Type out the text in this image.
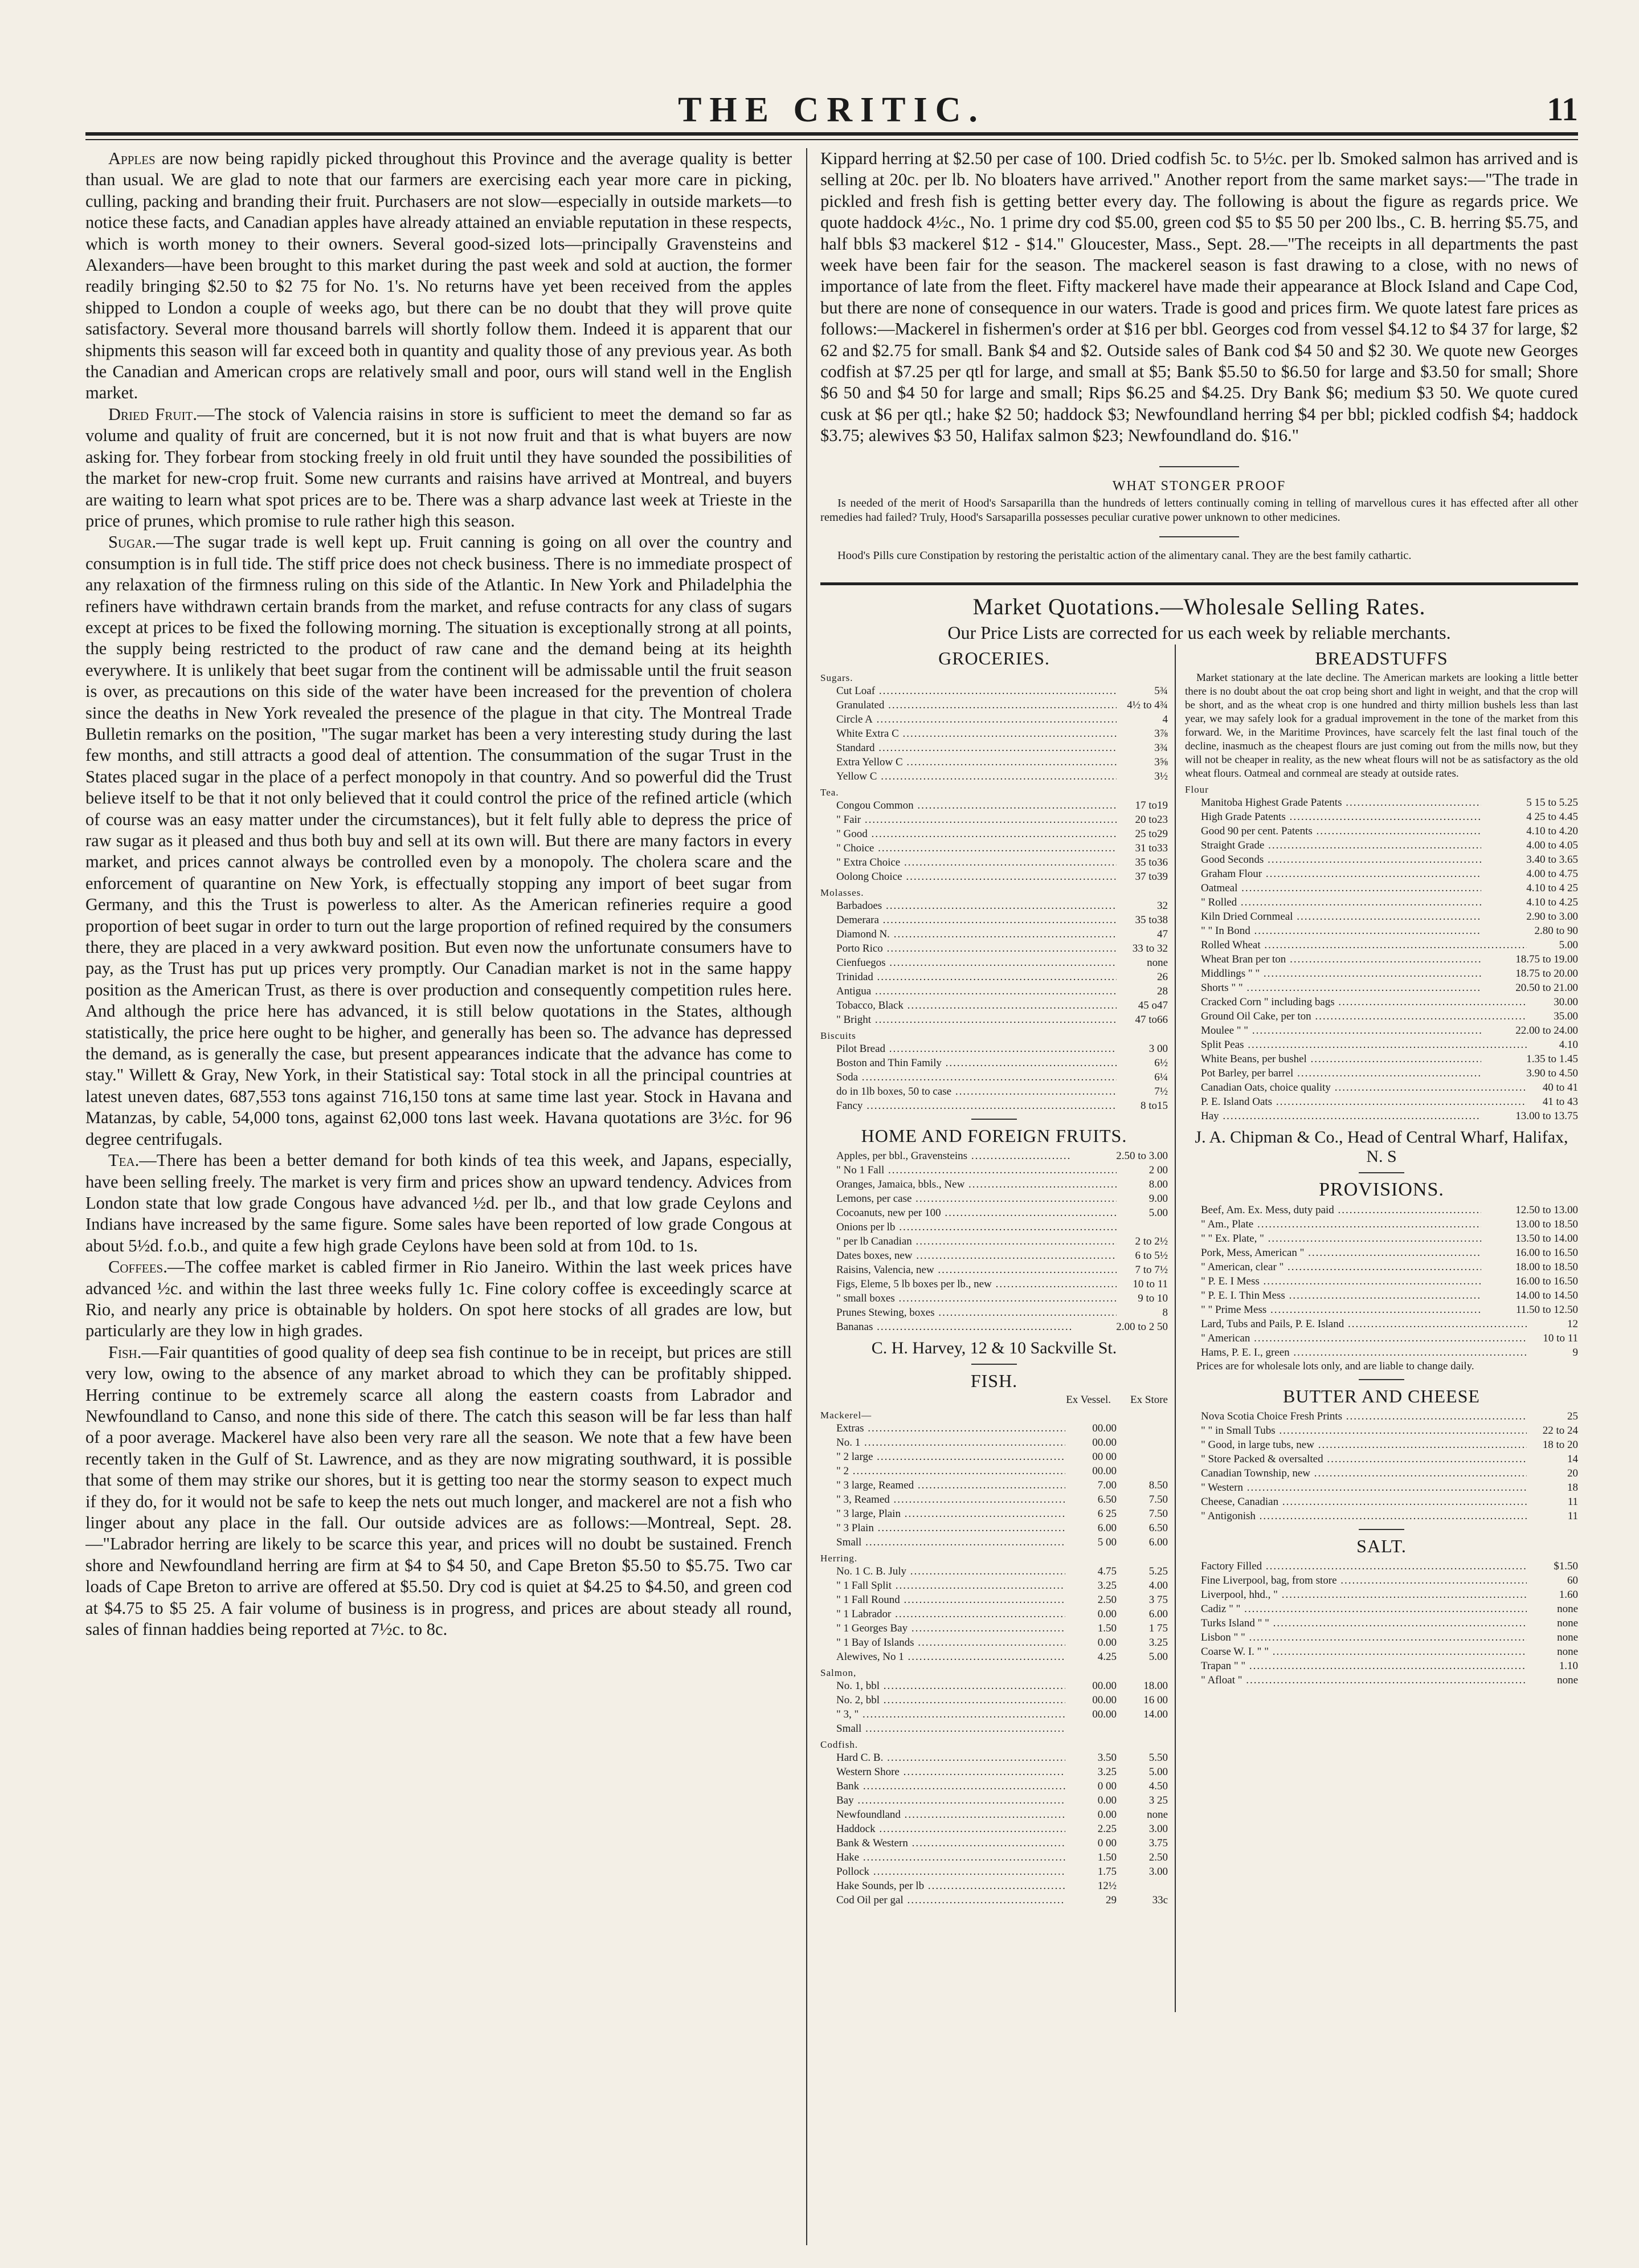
THE CRITIC.	11

Apples are now being rapidly picked throughout this Province and the average quality is better than usual. We are glad to note that our farmers are exercising each year more care in picking, culling, packing and branding their fruit. Purchasers are not slow—especially in outside markets—to notice these facts, and Canadian apples have already attained an enviable reputation in these respects, which is worth money to their owners. Several good-sized lots—principally Gravensteins and Alexanders—have been brought to this market during the past week and sold at auction, the former readily bringing $2.50 to $2 75 for No. 1's. No returns have yet been received from the apples shipped to London a couple of weeks ago, but there can be no doubt that they will prove quite satisfactory. Several more thousand barrels will shortly follow them. Indeed it is apparent that our shipments this season will far exceed both in quantity and quality those of any previous year. As both the Canadian and American crops are relatively small and poor, ours will stand well in the English market.

Dried Fruit.—The stock of Valencia raisins in store is sufficient to meet the demand so far as volume and quality of fruit are concerned, but it is not now fruit and that is what buyers are now asking for. They forbear from stocking freely in old fruit until they have sounded the possibilities of the market for new-crop fruit. Some new currants and raisins have arrived at Montreal, and buyers are waiting to learn what spot prices are to be. There was a sharp advance last week at Trieste in the price of prunes, which promise to rule rather high this season.

Sugar.—The sugar trade is well kept up. Fruit canning is going on all over the country and consumption is in full tide. The stiff price does not check business. There is no immediate prospect of any relaxation of the firmness ruling on this side of the Atlantic. In New York and Philadelphia the refiners have withdrawn certain brands from the market, and refuse contracts for any class of sugars except at prices to be fixed the following morning. The situation is exceptionally strong at all points, the supply being restricted to the product of raw cane and the demand being at its heighth everywhere. It is unlikely that beet sugar from the continent will be admissable until the fruit season is over, as precautions on this side of the water have been increased for the prevention of cholera since the deaths in New York revealed the presence of the plague in that city. The Montreal Trade Bulletin remarks on the position, "The sugar market has been a very interesting study during the last few months, and still attracts a good deal of attention. The consummation of the sugar Trust in the States placed sugar in the place of a perfect monopoly in that country. And so powerful did the Trust believe itself to be that it not only believed that it could control the price of the refined article (which of course was an easy matter under the circumstances), but it felt fully able to depress the price of raw sugar as it pleased and thus both buy and sell at its own will. But there are many factors in every market, and prices cannot always be controlled even by a monopoly. The cholera scare and the enforcement of quarantine on New York, is effectually stopping any import of beet sugar from Germany, and this the Trust is powerless to alter. As the American refineries require a good proportion of beet sugar in order to turn out the large proportion of refined required by the consumers there, they are placed in a very awkward position. But even now the unfortunate consumers have to pay, as the Trust has put up prices very promptly. Our Canadian market is not in the same happy position as the American Trust, as there is over production and consequently competition rules here. And although the price here has advanced, it is still below quotations in the States, although statistically, the price here ought to be higher, and generally has been so. The advance has depressed the demand, as is generally the case, but present appearances indicate that the advance has come to stay." Willett & Gray, New York, in their Statistical say: Total stock in all the principal countries at latest uneven dates, 687,553 tons against 716,150 tons at same time last year. Stock in Havana and Matanzas, by cable, 54,000 tons, against 62,000 tons last week. Havana quotations are 3½c. for 96 degree centrifugals.

Tea.—There has been a better demand for both kinds of tea this week, and Japans, especially, have been selling freely. The market is very firm and prices show an upward tendency. Advices from London state that low grade Congous have advanced ½d. per lb., and that low grade Ceylons and Indians have increased by the same figure. Some sales have been reported of low grade Congous at about 5½d. f.o.b., and quite a few high grade Ceylons have been sold at from 10d. to 1s.

Coffees.—The coffee market is cabled firmer in Rio Janeiro. Within the last week prices have advanced ½c. and within the last three weeks fully 1c. Fine colory coffee is exceedingly scarce at Rio, and nearly any price is obtainable by holders. On spot here stocks of all grades are low, but particularly are they low in high grades.

Fish.—Fair quantities of good quality of deep sea fish continue to be in receipt, but prices are still very low, owing to the absence of any market abroad to which they can be profitably shipped. Herring continue to be extremely scarce all along the eastern coasts from Labrador and Newfoundland to Canso, and none this side of there. The catch this season will be far less than half of a poor average. Mackerel have also been very rare all the season. We note that a few have been recently taken in the Gulf of St. Lawrence, and as they are now migrating southward, it is possible that some of them may strike our shores, but it is getting too near the stormy season to expect much if they do, for it would not be safe to keep the nets out much longer, and mackerel are not a fish who linger about any place in the fall. Our outside advices are as follows:—Montreal, Sept. 28.—"Labrador herring are likely to be scarce this year, and prices will no doubt be sustained. French shore and Newfoundland herring are firm at $4 to $4 50, and Cape Breton $5.50 to $5.75. Two car loads of Cape Breton to arrive are offered at $5.50. Dry cod is quiet at $4.25 to $4.50, and green cod at $4.75 to $5 25. A fair volume of business is in progress, and prices are about steady all round, sales of finnan haddies being reported at 7½c. to 8c.

Kippard herring at $2.50 per case of 100. Dried codfish 5c. to 5½c. per lb. Smoked salmon has arrived and is selling at 20c. per lb. No bloaters have arrived." Another report from the same market says:—"The trade in pickled and fresh fish is getting better every day. The following is about the figure as regards price. We quote haddock 4½c., No. 1 prime dry cod $5.00, green cod $5 to $5 50 per 200 lbs., C. B. herring $5.75, and half bbls $3 mackerel $12 - $14." Gloucester, Mass., Sept. 28.—"The receipts in all departments the past week have been fair for the season. The mackerel season is fast drawing to a close, with no news of importance of late from the fleet. Fifty mackerel have made their appearance at Block Island and Cape Cod, but there are none of consequence in our waters. Trade is good and prices firm. We quote latest fare prices as follows:—Mackerel in fishermen's order at $16 per bbl. Georges cod from vessel $4.12 to $4 37 for large, $2 62 and $2.75 for small. Bank $4 and $2. Outside sales of Bank cod $4 50 and $2 30. We quote new Georges codfish at $7.25 per qtl for large, and small at $5; Bank $5.50 to $6.50 for large and $3.50 for small; Shore $6 50 and $4 50 for large and small; Rips $6.25 and $4.25. Dry Bank $6; medium $3 50. We quote cured cusk at $6 per qtl.; hake $2 50; haddock $3; Newfoundland herring $4 per bbl; pickled codfish $4; haddock $3.75; alewives $3 50, Halifax salmon $23; Newfoundland do. $16."

WHAT STONGER PROOF

Is needed of the merit of Hood's Sarsaparilla than the hundreds of letters continually coming in telling of marvellous cures it has effected after all other remedies had failed? Truly, Hood's Sarsaparilla possesses peculiar curative power unknown to other medicines.

Hood's Pills cure Constipation by restoring the peristaltic action of the alimentary canal. They are the best family cathartic.

Market Quotations.—Wholesale Selling Rates.
Our Price Lists are corrected for us each week by reliable merchants.
GROCERIES.
Sugars.
Cut Loaf .....	5¾
Granulated .....	4½ to 4¾
Circle A .....	4
White Extra C .....	3⅞
Standard .....	3¾
Extra Yellow C .....	3⅝
Yellow C .....	3½
Tea.
Congou Common .....	17 to19
" Fair .....	20 to23
" Good .....	25 to29
" Choice .....	31 to33
" Extra Choice .....	35 to36
Oolong Choice .....	37 to39
Molasses.
Barbadoes .....	32
Demerara .....	35 to38
Diamond N. .....	47
Porto Rico .....	33 to 32
Cienfuegos .....	none
Trinidad .....	26
Antigua .....	28
Tobacco, Black .....	45 o47
" Bright .....	47 to66
Biscuits
Pilot Bread .....	3 00
Boston and Thin Family .....	6½
Soda .....	6¼
do in 1lb boxes, 50 to case .....	7½
Fancy .....	8 to15
HOME AND FOREIGN FRUITS.
Apples, per bbl., Gravensteins .....	2.50 to 3.00
" No 1 Fall .....	2 00
Oranges, Jamaica, bbls., New .....	8.00
Lemons, per case .....	9.00
Cocoanuts, new per 100 .....	5.00
Onions per lb .....
" per lb Canadian .....	2 to 2½
Dates boxes, new .....	6 to 5½
Raisins, Valencia, new .....	7 to 7½
Figs, Eleme, 5 lb boxes per lb., new .....	10 to 11
" small boxes .....	9 to 10
Prunes Stewing, boxes .....	8
Bananas .....	2.00 to 2 50
C. H. Harvey, 12 & 10 Sackville St.
FISH.
Ex Vessel.	Ex Store
Mackerel—
Extras .....	00.00
No. 1 .....	00.00
" 2 large .....	00 00
" 2 .....	00.00
" 3 large, Reamed .....	7.00	8.50
" 3, Reamed .....	6.50	7.50
" 3 large, Plain .....	6 25	7.50
" 3 Plain .....	6.00	6.50
Small .....	5 00	6.00
Herring.
No. 1 C. B. July .....	4.75	5.25
" 1 Fall Split .....	3.25	4.00
" 1 Fall Round .....	2.50	3 75
" 1 Labrador .....	0.00	6.00
" 1 Georges Bay .....	1.50	1 75
" 1 Bay of Islands .....	0.00	3.25
Alewives, No 1 .....	4.25	5.00
Salmon,
No. 1, bbl .....	00.00	18.00
No. 2, bbl .....	00.00	16 00
" 3, " .....	00.00	14.00
Small .....
Codfish.
Hard C. B. .....	3.50	5.50
Western Shore .....	3.25	5.00
Bank .....	0 00	4.50
Bay .....	0.00	3 25
Newfoundland .....	0.00	none
Haddock .....	2.25	3.00
Bank & Western .....	0 00	3.75
Hake .....	1.50	2.50
Pollock .....	1.75	3.00
Hake Sounds, per lb .....	12½
Cod Oil per gal .....	29	33c
BREADSTUFFS

Market stationary at the late decline. The American markets are looking a little better there is no doubt about the oat crop being short and light in weight, and that the crop will be short, and as the wheat crop is one hundred and thirty million bushels less than last year, we may safely look for a gradual improvement in the tone of the market from this forward. We, in the Maritime Provinces, have scarcely felt the last final touch of the decline, inasmuch as the cheapest flours are just coming out from the mills now, but they will not be cheaper in reality, as the new wheat flours will not be as satisfactory as the old wheat flours. Oatmeal and cornmeal are steady at outside rates.

Flour
Manitoba Highest Grade Patents .....	5 15 to 5.25
High Grade Patents .....	4 25 to 4.45
Good 90 per cent. Patents .....	4.10 to 4.20
Straight Grade .....	4.00 to 4.05
Good Seconds .....	3.40 to 3.65
Graham Flour .....	4.00 to 4.75
Oatmeal .....	4.10 to 4 25
" Rolled .....	4.10 to 4.25
Kiln Dried Cornmeal .....	2.90 to 3.00
" " In Bond .....	2.80 to 90
Rolled Wheat .....	5.00
Wheat Bran per ton .....	18.75 to 19.00
Middlings " " .....	18.75 to 20.00
Shorts " " .....	20.50 to 21.00
Cracked Corn " including bags .....	30.00
Ground Oil Cake, per ton .....	35.00
Moulee " " .....	22.00 to 24.00
Split Peas .....	4.10
White Beans, per bushel .....	1.35 to 1.45
Pot Barley, per barrel .....	3.90 to 4.50
Canadian Oats, choice quality .....	40 to 41
P. E. Island Oats .....	41 to 43
Hay .....	13.00 to 13.75
J. A. Chipman & Co., Head of Central Wharf, Halifax, N. S
PROVISIONS.
Beef, Am. Ex. Mess, duty paid .....	12.50 to 13.00
" Am., Plate .....	13.00 to 18.50
" " Ex. Plate, " .....	13.50 to 14.00
Pork, Mess, American " .....	16.00 to 16.50
" American, clear " .....	18.00 to 18.50
" P. E. I Mess .....	16.00 to 16.50
" P. E. I. Thin Mess .....	14.00 to 14.50
" " Prime Mess .....	11.50 to 12.50
Lard, Tubs and Pails, P. E. Island .....	12
" American .....	10 to 11
Hams, P. E. I., green .....	9

Prices are for wholesale lots only, and are liable to change daily.

BUTTER AND CHEESE
Nova Scotia Choice Fresh Prints .....	25
" " in Small Tubs .....	22 to 24
" Good, in large tubs, new .....	18 to 20
" Store Packed & oversalted .....	14
Canadian Township, new .....	20
" Western .....	18
Cheese, Canadian .....	11
" Antigonish .....	11
SALT.
Factory Filled .....	$1.50
Fine Liverpool, bag, from store .....	60
Liverpool, hhd., " .....	1.60
Cadiz " " .....	none
Turks Island " " .....	none
Lisbon " " .....	none
Coarse W. I. " " .....	none
Trapan " " .....	1.10
" Afloat " .....	none
